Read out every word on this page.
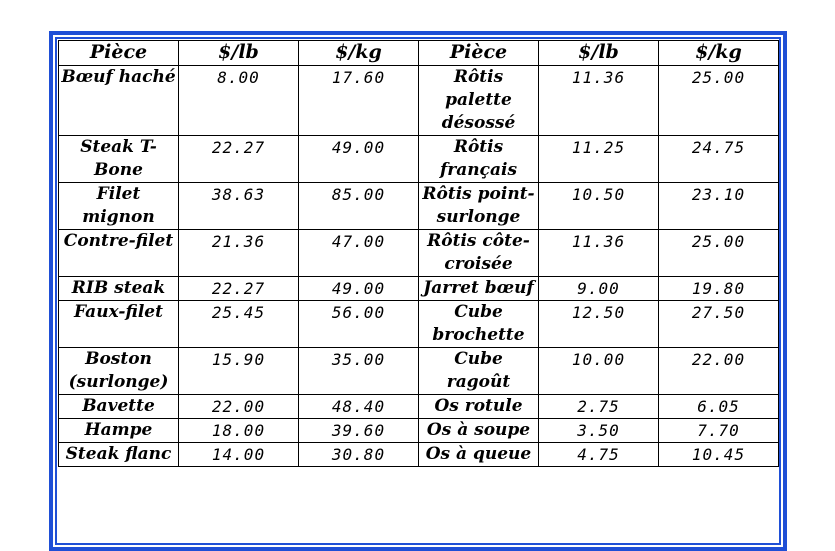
Pièce	$/lb	$/kg	Pièce	$/lb	$/kg
Bœuf haché	8.00	17.60	Rôtis palette désossé	11.36	25.00
Steak T-Bone	22.27	49.00	Rôtis français	11.25	24.75
Filet mignon	38.63	85.00	Rôtis point-surlonge	10.50	23.10
Contre-filet	21.36	47.00	Rôtis côte-croisée	11.36	25.00
RIB steak	22.27	49.00	Jarret bœuf	9.00	19.80
Faux-filet	25.45	56.00	Cube brochette	12.50	27.50
Boston (surlonge)	15.90	35.00	Cube ragoût	10.00	22.00
Bavette	22.00	48.40	Os rotule	2.75	6.05
Hampe	18.00	39.60	Os à soupe	3.50	7.70
Steak flanc	14.00	30.80	Os à queue	4.75	10.45
